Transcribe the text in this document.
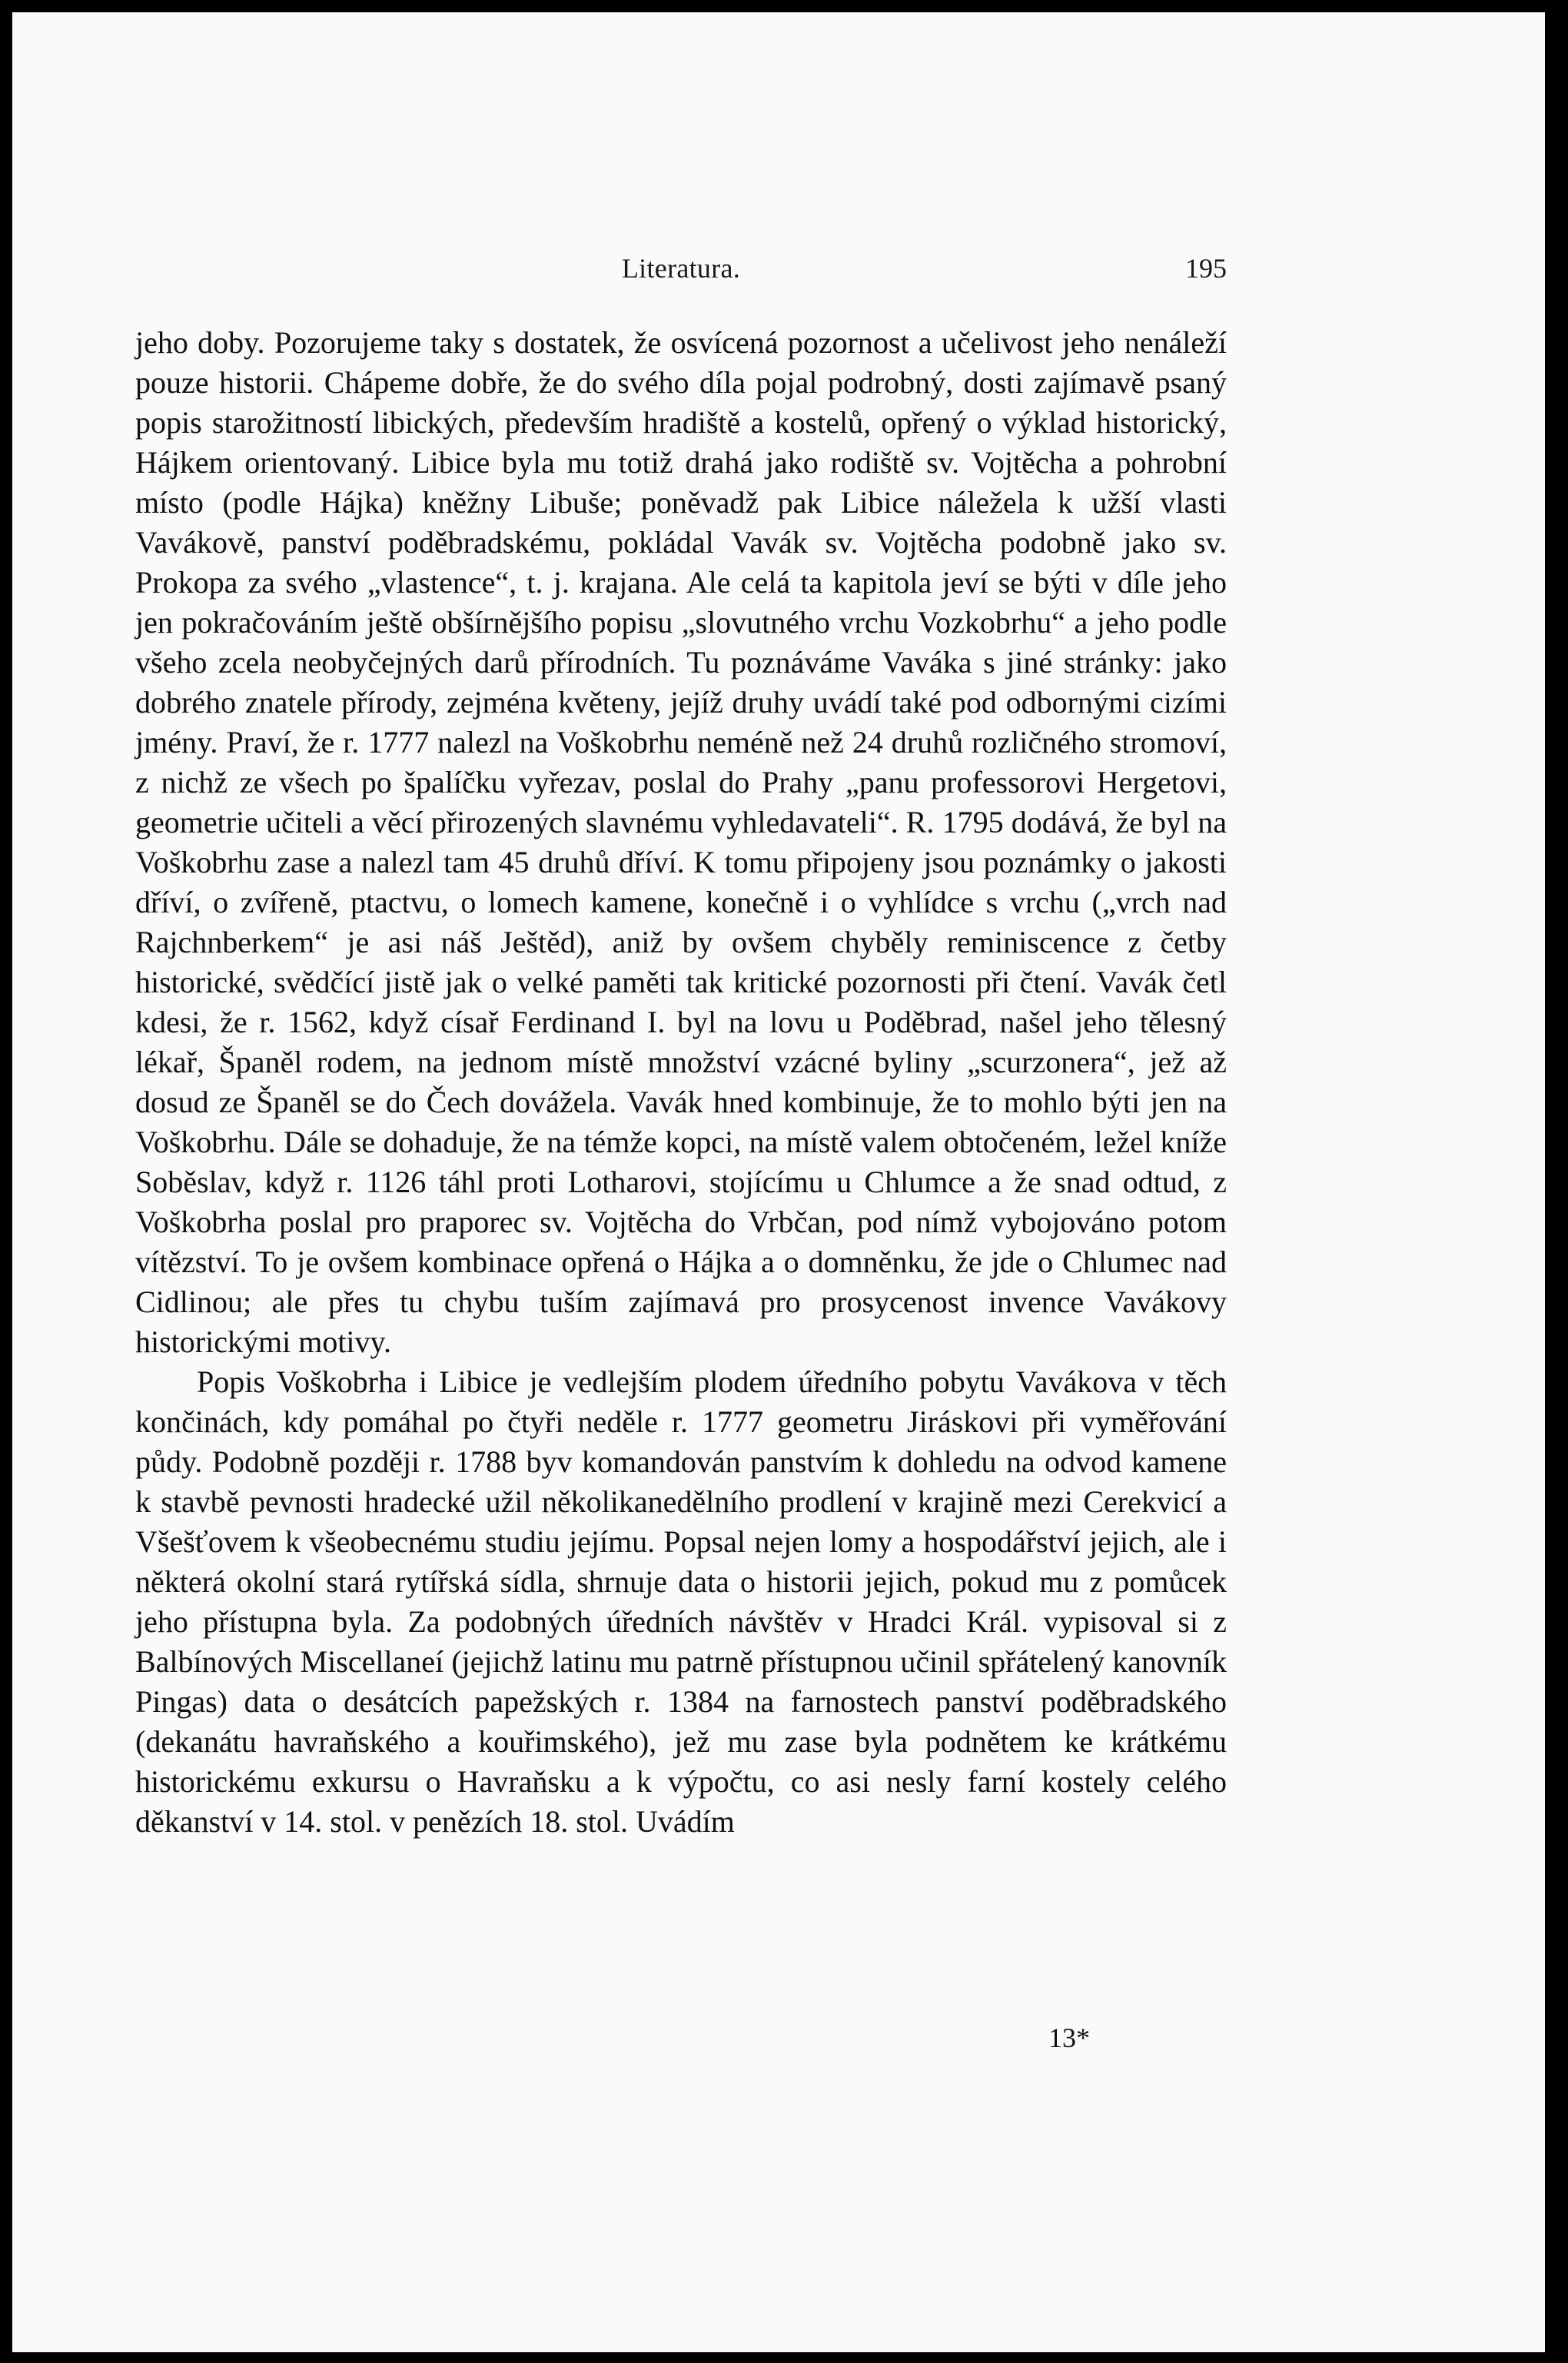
Literatura.	195

jeho doby. Pozorujeme taky s dostatek, že osvícená pozornost a učelivost jeho nenáleží pouze historii. Chápeme dobře, že do svého díla pojal podrobný, dosti zajímavě psaný popis starožitností libických, především hradiště a kostelů, opřený o výklad historický, Hájkem orientovaný. Libice byla mu totiž drahá jako rodiště sv. Vojtěcha a pohrobní místo (podle Hájka) kněžny Libuše; poněvadž pak Libice náležela k užší vlasti Vavákově, panství poděbradskému, pokládal Vavák sv. Vojtěcha podobně jako sv. Prokopa za svého „vlastence“, t. j. krajana. Ale celá ta kapitola jeví se býti v díle jeho jen pokračováním ještě obšírnějšího popisu „slovutného vrchu Vozkobrhu“ a jeho podle všeho zcela neobyčejných darů přírodních. Tu poznáváme Vaváka s jiné stránky: jako dobrého znatele přírody, zejména květeny, jejíž druhy uvádí také pod odbornými cizími jmény. Praví, že r. 1777 nalezl na Voškobrhu neméně než 24 druhů rozličného stromoví, z nichž ze všech po špalíčku vyřezav, poslal do Prahy „panu professorovi Hergetovi, geometrie učiteli a věcí přirozených slavnému vyhledavateli“. R. 1795 dodává, že byl na Voškobrhu zase a nalezl tam 45 druhů dříví. K tomu připojeny jsou poznámky o jakosti dříví, o zvířeně, ptactvu, o lomech kamene, konečně i o vyhlídce s vrchu („vrch nad Rajchnberkem“ je asi náš Ještěd), aniž by ovšem chyběly reminiscence z četby historické, svědčící jistě jak o velké paměti tak kritické pozornosti při čtení. Vavák četl kdesi, že r. 1562, když císař Ferdinand I. byl na lovu u Poděbrad, našel jeho tělesný lékař, Španěl rodem, na jednom místě množství vzácné byliny „scurzonera“, jež až dosud ze Španěl se do Čech dovážela. Vavák hned kombinuje, že to mohlo býti jen na Voškobrhu. Dále se dohaduje, že na témže kopci, na místě valem obtočeném, ležel kníže Soběslav, když r. 1126 táhl proti Lotharovi, stojícímu u Chlumce a že snad odtud, z Voškobrha poslal pro praporec sv. Vojtěcha do Vrbčan, pod nímž vybojováno potom vítězství. To je ovšem kombinace opřená o Hájka a o domněnku, že jde o Chlumec nad Cidlinou; ale přes tu chybu tuším zajímavá pro prosycenost invence Vavákovy historickými motivy.

Popis Voškobrha i Libice je vedlejším plodem úředního pobytu Vavákova v těch končinách, kdy pomáhal po čtyři neděle r. 1777 geometru Jiráskovi při vyměřování půdy. Podobně později r. 1788 byv komandován panstvím k dohledu na odvod kamene k stavbě pevnosti hradecké užil několikanedělního prodlení v krajině mezi Cerekvicí a Všešťovem k všeobecnému studiu jejímu. Popsal nejen lomy a hospodářství jejich, ale i některá okolní stará rytířská sídla, shrnuje data o historii jejich, pokud mu z pomůcek jeho přístupna byla. Za podobných úředních návštěv v Hradci Král. vypisoval si z Balbínových Miscellaneí (jejichž latinu mu patrně přístupnou učinil spřátelený kanovník Pingas) data o desátcích papežských r. 1384 na farnostech panství poděbradského (dekanátu havraňského a kouřimského), jež mu zase byla podnětem ke krátkému historickému exkursu o Havraňsku a k výpočtu, co asi nesly farní kostely celého děkanství v 14. stol. v penězích 18. stol. Uvádím

13*
